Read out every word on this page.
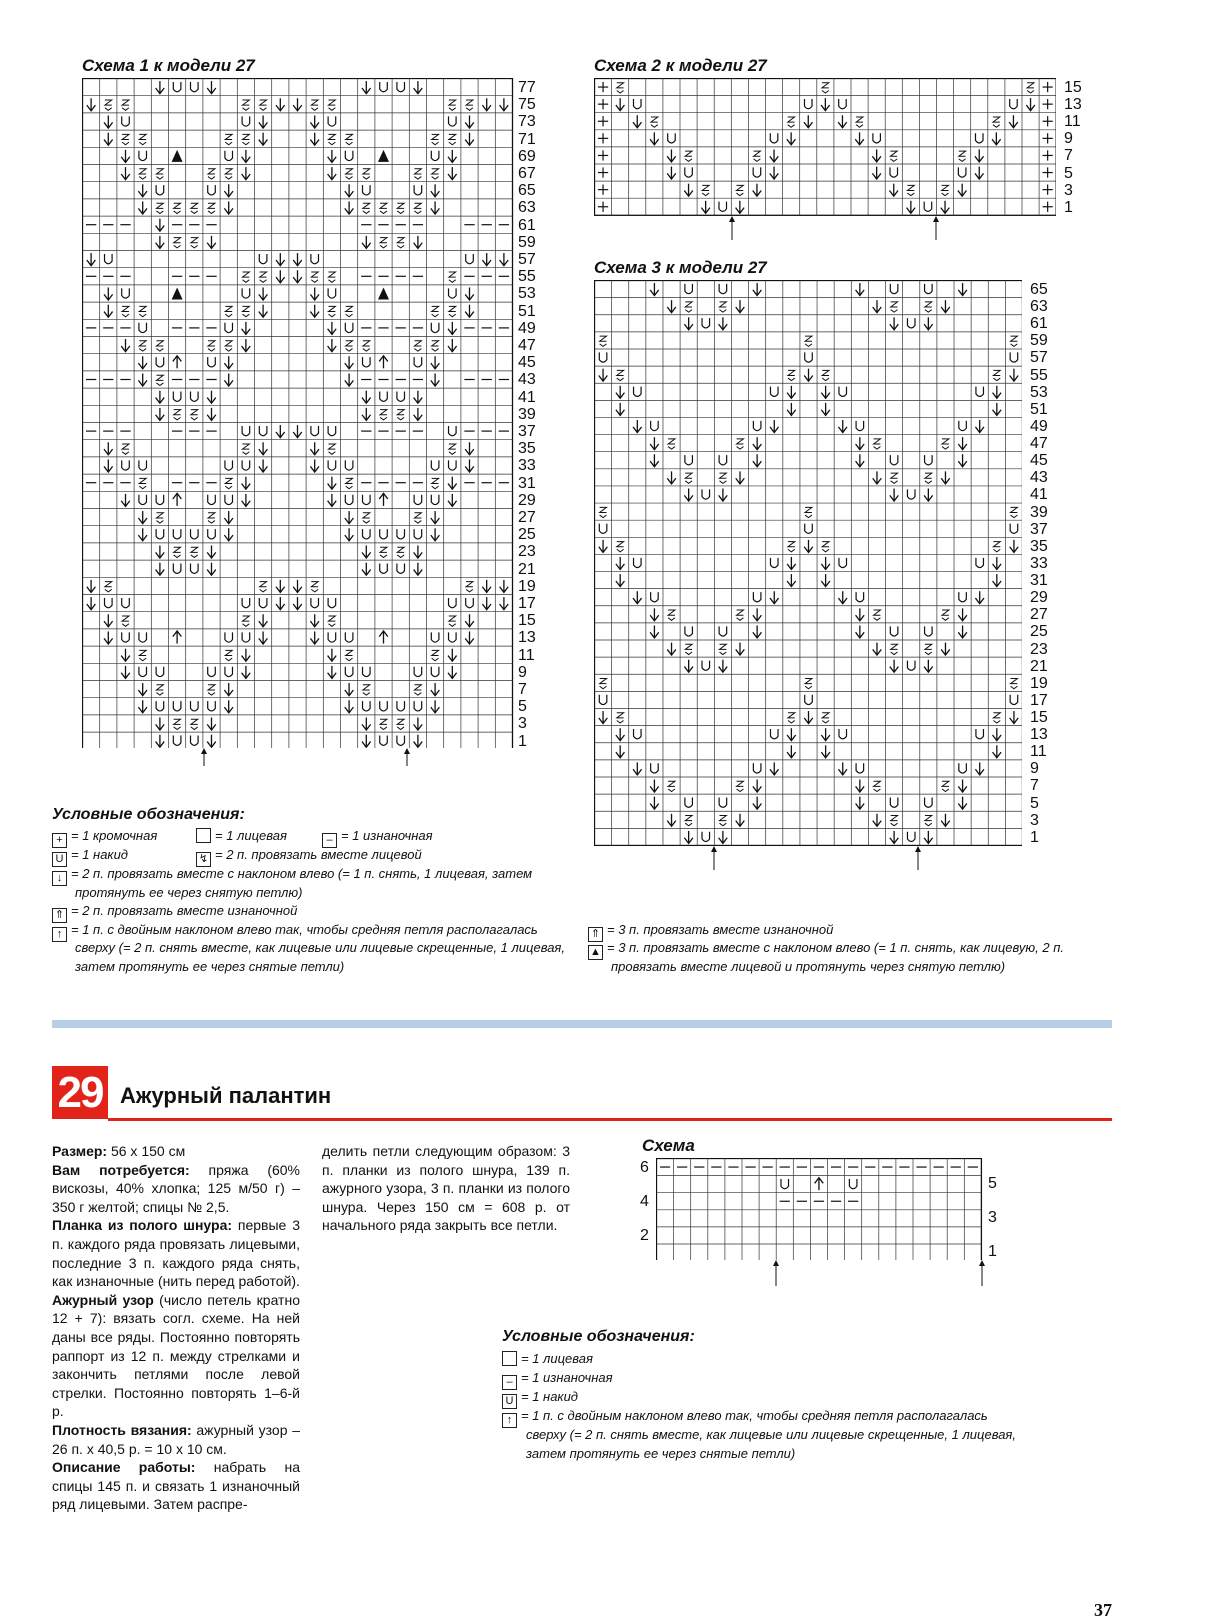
Схема 1 к модели 27
77
75
73
71
69
67
65
63
61
59
57
55
53
51
49
47
45
43
41
39
37
35
33
31
29
27
25
23
21
19
17
15
13
11
9
7
5
3
1
Схема 2 к модели 27
15
13
11
9
7
5
3
1
Схема 3 к модели 27
65
63
61
59
57
55
53
51
49
47
45
43
41
39
37
35
33
31
29
27
25
23
21
19
17
15
13
11
9
7
5
3
1
Условные обозначения:
+ = 1 кромочная	= 1 лицевая	– = 1 изнаночная
U = 1 накид	↯ = 2 п. провязать вместе лицевой
↓ = 2 п. провязать вместе с наклоном влево (= 1 п. снять, 1 лицевая, затем
протянуть ее через снятую петлю)
⇑ = 2 п. провязать вместе изнаночной
↑ = 1 п. с двойным наклоном влево так, чтобы средняя петля располагалась
сверху (= 2 п. снять вместе, как лицевые или лицевые скрещенные, 1 лицевая,
затем протянуть ее через снятые петли)
⇑ = 3 п. провязать вместе изнаночной
▲ = 3 п. провязать вместе с наклоном влево (= 1 п. снять, как лицевую, 2 п.
провязать вместе лицевой и протянуть через снятую петлю)
29 Ажурный палантин
Размер: 56 х 150 см
Вам потребуется: пряжа (60% вискозы, 40% хлопка; 125 м/50 г) – 350 г желтой; спицы № 2,5.
Планка из полого шнура: первые 3 п. каждого ряда провязать лицевыми, последние 3 п. каждого ряда снять, как изнаночные (нить перед работой).
Ажурный узор (число петель кратно 12 + 7): вязать согл. схеме. На ней даны все ряды. Постоянно повторять раппорт из 12 п. между стрелками и закончить петлями после левой стрелки. Постоянно повторять 1–6-й р.
Плотность вязания: ажурный узор – 26 п. х 40,5 р. = 10 х 10 см.
Описание работы: набрать на спицы 145 п. и связать 1 изнаночный ряд лицевыми. Затем распре-
делить петли следующим образом: 3 п. планки из полого шнура, 139 п. ажурного узора, 3 п. планки из полого шнура. Через 150 см = 608 р. от начального ряда закрыть все петли.
Схема
6
4
2
5
3
1
Условные обозначения:
= 1 лицевая
– = 1 изнаночная
U = 1 накид
↑ = 1 п. с двойным наклоном влево так, чтобы средняя петля располагалась
сверху (= 2 п. снять вместе, как лицевые или лицевые скрещенные, 1 лицевая,
затем протянуть ее через снятые петли)
37
